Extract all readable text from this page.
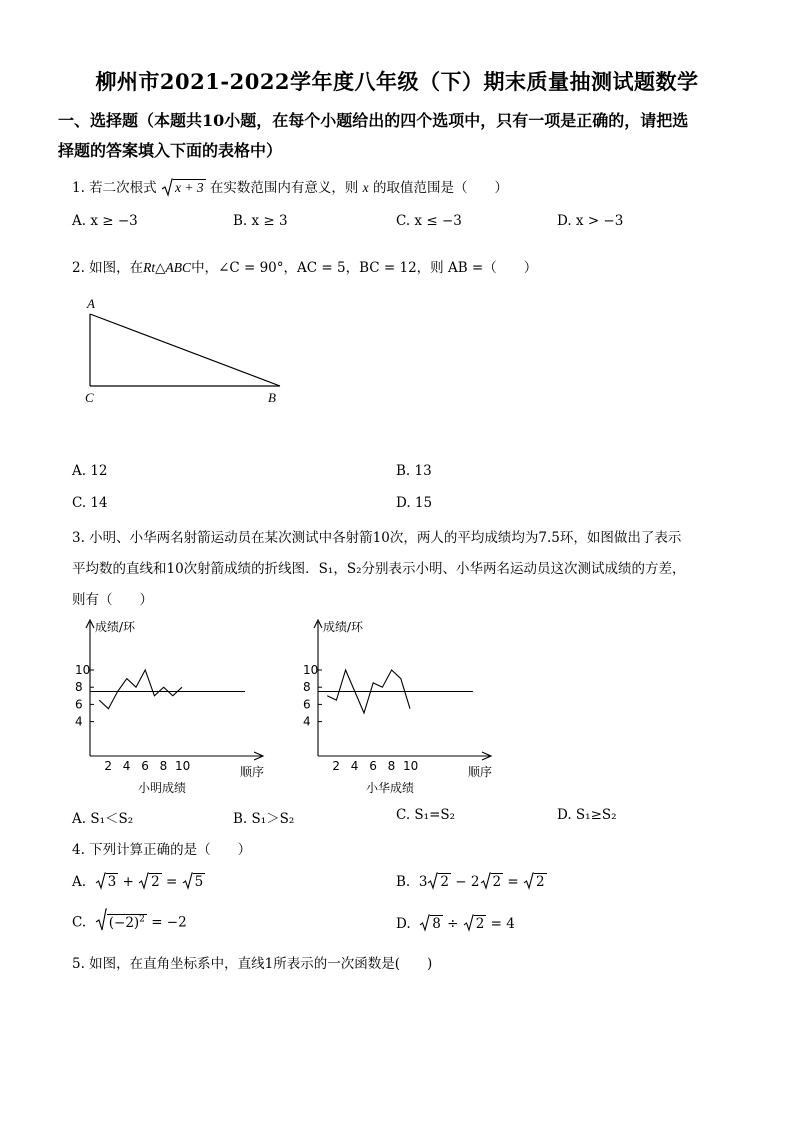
柳州市2021-2022学年度八年级（下）期末质量抽测试题数学
一、选择题（本题共10小题，在每个小题给出的四个选项中，只有一项是正确的，请把选
择题的答案填入下面的表格中）
1. 若二次根式 x + 3 在实数范围内有意义，则 x 的取值范围是（　　）
A. x ≥ −3	B. x ≥ 3	C. x ≤ −3	D. x > −3
2. 如图，在Rt△ABC中，∠C = 90°，AC = 5，BC = 12，则 AB =（　　）
A
C	B
A. 12	B. 13
C. 14	D. 15
3. 小明、小华两名射箭运动员在某次测试中各射箭10次，两人的平均成绩均为7.5环，如图做出了表示
平均数的直线和10次射箭成绩的折线图．S₁，S₂分别表示小明、小华两名运动员这次测试成绩的方差，
则有（　　）
成绩/环
4
6
8
10
2 4 6 8 10	顺序
小明成绩
成绩/环
4
6
8
10
2 4 6 8 10	顺序
小华成绩
A. S₁＜S₂	B. S₁＞S₂	C. S₁=S₂	D. S₁≥S₂
4. 下列计算正确的是（　　）
A. 3 + 2 = 5	B. 3 2 − 2 2 = 2
C. $(-2)^2 = -2$	D. 8 ÷ 2 = 4
5. 如图，在直角坐标系中，直线1所表示的一次函数是(　　)
